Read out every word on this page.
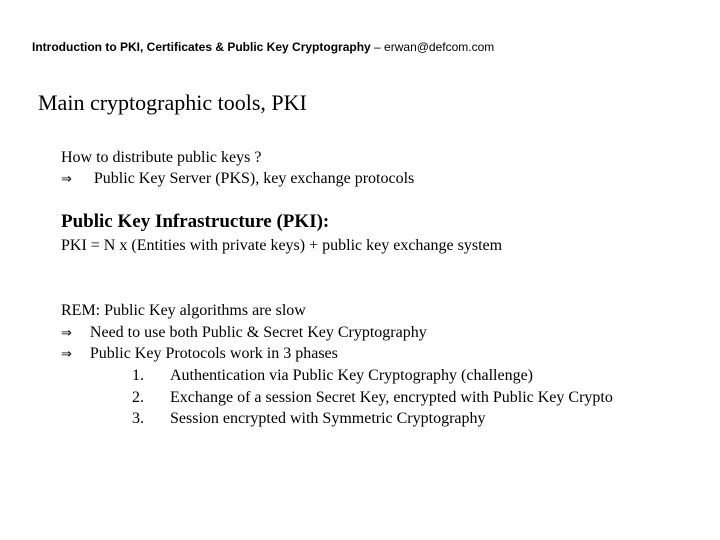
Introduction to PKI, Certificates & Public Key Cryptography – erwan@defcom.com
Main cryptographic tools, PKI
How to distribute public keys ?
⇒ Public Key Server (PKS), key exchange protocols
Public Key Infrastructure (PKI):
PKI = N x (Entities with private keys) + public key exchange system
REM: Public Key algorithms are slow
⇒ Need to use both Public & Secret Key Cryptography
⇒ Public Key Protocols work in 3 phases
1. Authentication via Public Key Cryptography (challenge)
2. Exchange of a session Secret Key, encrypted with Public Key Crypto
3. Session encrypted with Symmetric Cryptography
